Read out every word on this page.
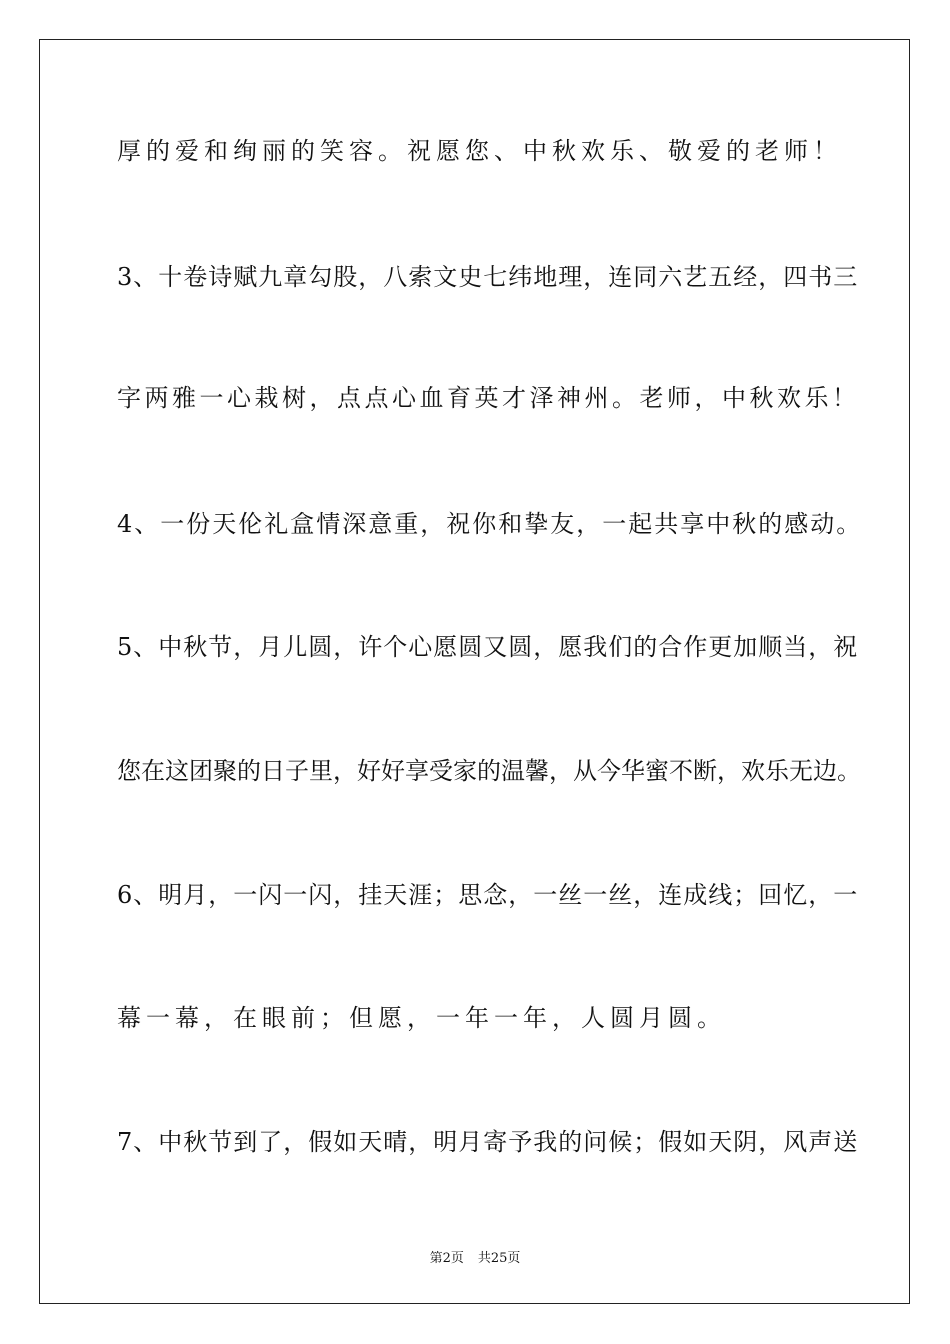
厚的爱和绚丽的笑容。祝愿您、中秋欢乐、敬爱的老师！

3、十卷诗赋九章勾股，八索文史七纬地理，连同六艺五经，四书三

字两雅一心栽树，点点心血育英才泽神州。老师，中秋欢乐！

4、一份天伦礼盒情深意重，祝你和挚友，一起共享中秋的感动。

5、中秋节，月儿圆，许个心愿圆又圆，愿我们的合作更加顺当，祝

您在这团聚的日子里，好好享受家的温馨，从今华蜜不断，欢乐无边。

6、明月，一闪一闪，挂天涯；思念，一丝一丝，连成线；回忆，一

幕一幕，在眼前；但愿，一年一年，人圆月圆。

7、中秋节到了，假如天晴，明月寄予我的问候；假如天阴，风声送

第2页 共25页
